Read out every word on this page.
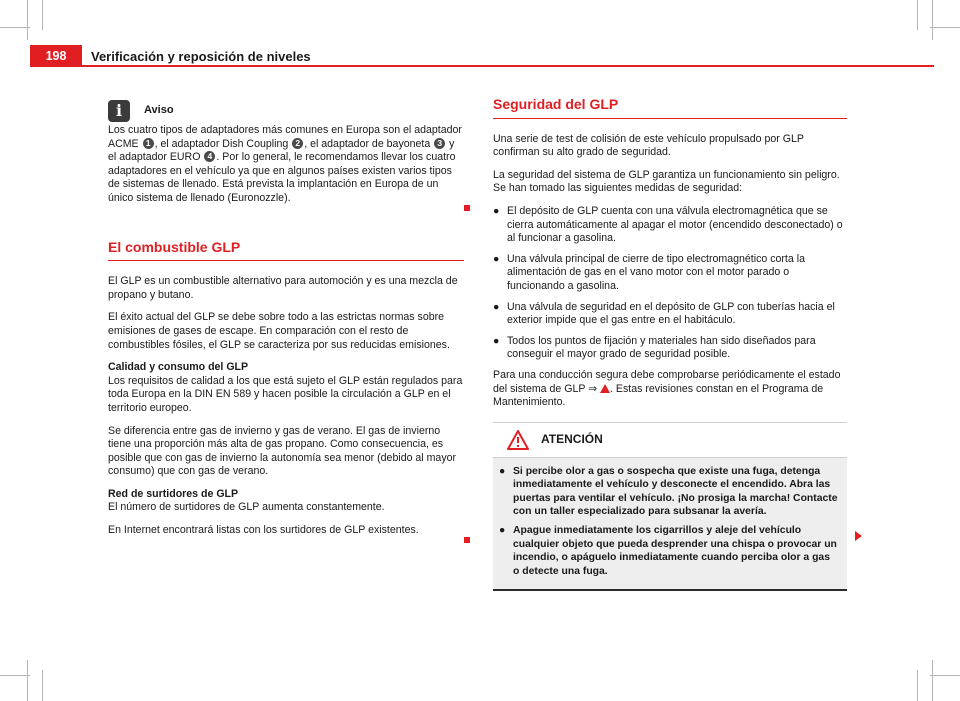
198	Verificación y reposición de niveles
i	Aviso

Los cuatro tipos de adaptadores más comunes en Europa son el adaptador ACME 1 , el adaptador Dish Coupling 2 , el adaptador de bayoneta 3 y el adaptador EURO 4 . Por lo general, le recomendamos llevar los cuatro adaptadores en el vehículo ya que en algunos países existen varios tipos de sistemas de llenado. Está prevista la implantación en Europa de un único sistema de llenado (Euronozzle).

El combustible GLP

El GLP es un combustible alternativo para automoción y es una mezcla de propano y butano.

El éxito actual del GLP se debe sobre todo a las estrictas normas sobre emisiones de gases de escape. En comparación con el resto de combustibles fósiles, el GLP se caracteriza por sus reducidas emisiones.

Calidad y consumo del GLP

Los requisitos de calidad a los que está sujeto el GLP están regulados para toda Europa en la DIN EN 589 y hacen posible la circulación a GLP en el territorio europeo.

Se diferencia entre gas de invierno y gas de verano. El gas de invierno tiene una proporción más alta de gas propano. Como consecuencia, es posible que con gas de invierno la autonomía sea menor (debido al mayor consumo) que con gas de verano.

Red de surtidores de GLP

El número de surtidores de GLP aumenta constantemente.

En Internet encontrará listas con los surtidores de GLP existentes.

Seguridad del GLP

Una serie de test de colisión de este vehículo propulsado por GLP confirman su alto grado de seguridad.

La seguridad del sistema de GLP garantiza un funcionamiento sin peligro. Se han tomado las siguientes medidas de seguridad:

● El depósito de GLP cuenta con una válvula electromagnética que se cierra automáticamente al apagar el motor (encendido desconectado) o al funcionar a gasolina.
● Una válvula principal de cierre de tipo electromagnético corta la alimentación de gas en el vano motor con el motor parado o funcionando a gasolina.
● Una válvula de seguridad en el depósito de GLP con tuberías hacia el exterior impide que el gas entre en el habitáculo.
● Todos los puntos de fijación y materiales han sido diseñados para conseguir el mayor grado de seguridad posible.

Para una conducción segura debe comprobarse periódicamente el estado del sistema de GLP ⇒ . Estas revisiones constan en el Programa de Mantenimiento.

ATENCIÓN
● Si percibe olor a gas o sospecha que existe una fuga, detenga inmediatamente el vehículo y desconecte el encendido. Abra las puertas para ventilar el vehículo. ¡No prosiga la marcha! Contacte con un taller especializado para subsanar la avería.
● Apague inmediatamente los cigarrillos y aleje del vehículo cualquier objeto que pueda desprender una chispa o provocar un incendio, o apáguelo inmediatamente cuando perciba olor a gas o detecte una fuga.
